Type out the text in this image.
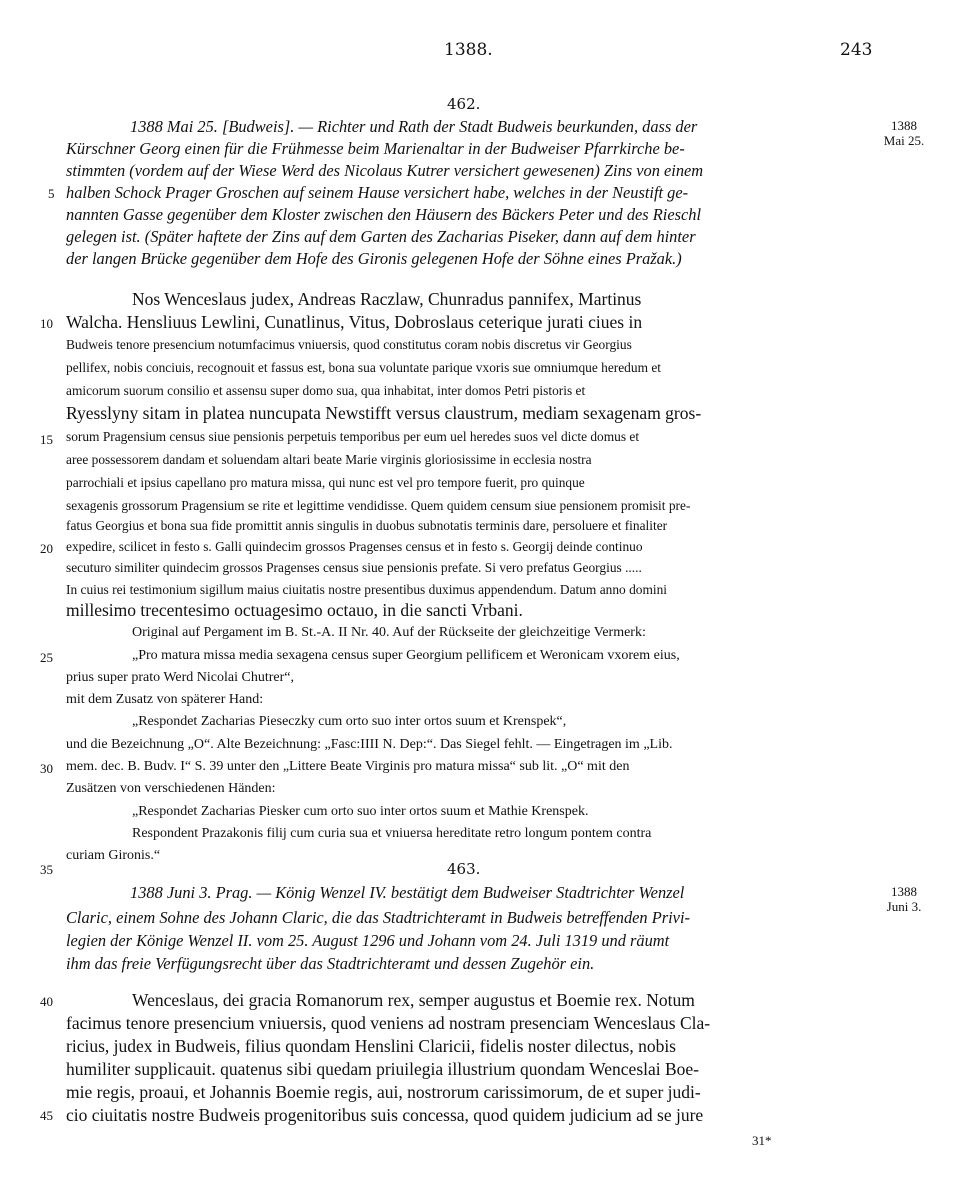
1388.	243
462.
1388
Mai 25.
1388 Mai 25. [Budweis]. — Richter und Rath der Stadt Budweis beurkunden, dass der
Kürschner Georg einen für die Frühmesse beim Marienaltar in der Budweiser Pfarrkirche be-
stimmten (vordem auf der Wiese Werd des Nicolaus Kutrer versichert gewesenen) Zins von einem
halben Schock Prager Groschen auf seinem Hause versichert habe, welches in der Neustift ge-
nannten Gasse gegenüber dem Kloster zwischen den Häusern des Bäckers Peter und des Rieschl
gelegen ist. (Später haftete der Zins auf dem Garten des Zacharias Piseker, dann auf dem hinter
der langen Brücke gegenüber dem Hofe des Gironis gelegenen Hofe der Söhne eines Pražak.)
Nos Wenceslaus judex, Andreas Raczlaw, Chunradus pannifex, Martinus
Walcha. Hensliuus Lewlini, Cunatlinus, Vitus, Dobroslaus ceterique jurati ciues in
Budweis tenore presencium notumfacimus vniuersis, quod constitutus coram nobis discretus vir Georgius
pellifex, nobis conciuis, recognouit et fassus est, bona sua voluntate parique vxoris sue omniumque heredum et
amicorum suorum consilio et assensu super domo sua, qua inhabitat, inter domos Petri pistoris et
Ryesslyny sitam in platea nuncupata Newstifft versus claustrum, mediam sexagenam gros-
sorum Pragensium census siue pensionis perpetuis temporibus per eum uel heredes suos vel dicte domus et
aree possessorem dandam et soluendam altari beate Marie virginis gloriosissime in ecclesia nostra
parrochiali et ipsius capellano pro matura missa, qui nunc est vel pro tempore fuerit, pro quinque
sexagenis grossorum Pragensium se rite et legittime vendidisse. Quem quidem censum siue pensionem promisit pre-
fatus Georgius et bona sua fide promittit annis singulis in duobus subnotatis terminis dare, persoluere et finaliter
expedire, scilicet in festo s. Galli quindecim grossos Pragenses census et in festo s. Georgij deinde continuo
secuturo similiter quindecim grossos Pragenses census siue pensionis prefate. Si vero prefatus Georgius .....
In cuius rei testimonium sigillum maius ciuitatis nostre presentibus duximus appendendum. Datum anno domini
millesimo trecentesimo octuagesimo octauo, in die sancti Vrbani.
Original auf Pergament im B. St.-A. II Nr. 40. Auf der Rückseite der gleichzeitige Vermerk:
„Pro matura missa media sexagena census super Georgium pellificem et Weronicam vxorem eius,
prius super prato Werd Nicolai Chutrer“,
mit dem Zusatz von späterer Hand:
„Respondet Zacharias Pieseczky cum orto suo inter ortos suum et Krenspek“,
und die Bezeichnung „O“. Alte Bezeichnung: „Fasc:IIII N. Dep:“. Das Siegel fehlt. — Eingetragen im „Lib.
mem. dec. B. Budv. I“ S. 39 unter den „Littere Beate Virginis pro matura missa“ sub lit. „O“ mit den
Zusätzen von verschiedenen Händen:
„Respondet Zacharias Piesker cum orto suo inter ortos suum et Mathie Krenspek.
Respondent Prazakonis filij cum curia sua et vniuersa hereditate retro longum pontem contra
curiam Gironis.“
463.
1388
Juni 3.
1388 Juni 3. Prag. — König Wenzel IV. bestätigt dem Budweiser Stadtrichter Wenzel
Claric, einem Sohne des Johann Claric, die das Stadtrichteramt in Budweis betreffenden Privi-
legien der Könige Wenzel II. vom 25. August 1296 und Johann vom 24. Juli 1319 und räumt
ihm das freie Verfügungsrecht über das Stadtrichteramt und dessen Zugehör ein.
Wenceslaus, dei gracia Romanorum rex, semper augustus et Boemie rex. Notum
facimus tenore presencium vniuersis, quod veniens ad nostram presenciam Wenceslaus Cla-
ricius, judex in Budweis, filius quondam Henslini Claricii, fidelis noster dilectus, nobis
humiliter supplicauit. quatenus sibi quedam priuilegia illustrium quondam Wenceslai Boe-
mie regis, proaui, et Johannis Boemie regis, aui, nostrorum carissimorum, de et super judi-
cio ciuitatis nostre Budweis progenitoribus suis concessa, quod quidem judicium ad se jure
5
10
15
20
25
30
35
40
45
31*
